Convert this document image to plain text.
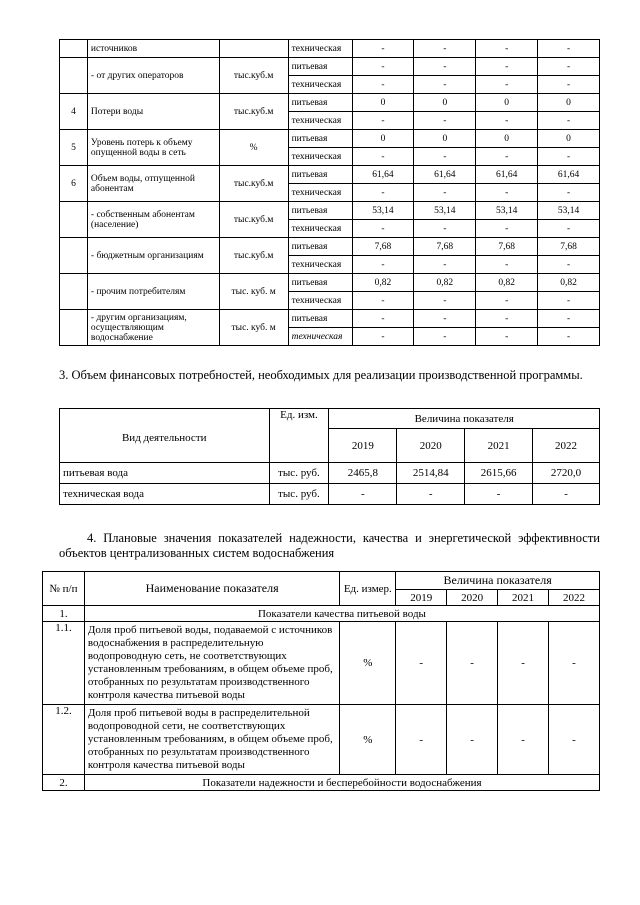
	источников		техническая	-	-	-	-
	- от других операторов	тыс.куб.м	питьевая	-	-	-	-
			техническая	-	-	-	-
4	Потери воды	тыс.куб.м	питьевая	0	0	0	0
			техническая	-	-	-	-
5	Уровень потерь к объему опущенной воды в сеть	%	питьевая	0	0	0	0
			техническая	-	-	-	-
6	Объем воды, отпущенной абонентам	тыс.куб.м	питьевая	61,64	61,64	61,64	61,64
			техническая	-	-	-	-
	- собственным абонентам (население)	тыс.куб.м	питьевая	53,14	53,14	53,14	53,14
			техническая	-	-	-	-
	- бюджетным организациям	тыс.куб.м	питьевая	7,68	7,68	7,68	7,68
			техническая	-	-	-	-
	- прочим потребителям	тыс. куб. м	питьевая	0,82	0,82	0,82	0,82
			техническая	-	-	-	-
	- другим организациям, осуществляющим водоснабжение	тыс. куб. м	питьевая	-	-	-	-
			техническая	-	-	-	-

3. Объем финансовых потребностей, необходимых для реализации производственной программы.

Вид деятельности	Ед. изм.	Величина показателя			
		2019	2020	2021	2022
питьевая вода	тыс. руб.	2465,8	2514,84	2615,66	2720,0
техническая вода	тыс. руб.	-	-	-	-

4. Плановые значения показателей надежности, качества и энергетической эффективности объектов централизованных систем водоснабжения

№ п/п	Наименование показателя	Ед. измер.	Величина показателя			
			2019	2020	2021	2022
1.	Показатели качества питьевой воды					
1.1.	Доля проб питьевой воды, подаваемой с источников водоснабжения в распределительную водопроводную сеть, не соответствующих установленным требованиям, в общем объеме проб, отобранных по результатам производственного контроля качества питьевой воды	%	-	-	-	-
1.2.	Доля проб питьевой воды в распределительной водопроводной сети, не соответствующих установленным требованиям, в общем объеме проб, отобранных по результатам производственного контроля качества питьевой воды	%	-	-	-	-
2.	Показатели надежности и бесперебойности водоснабжения					
